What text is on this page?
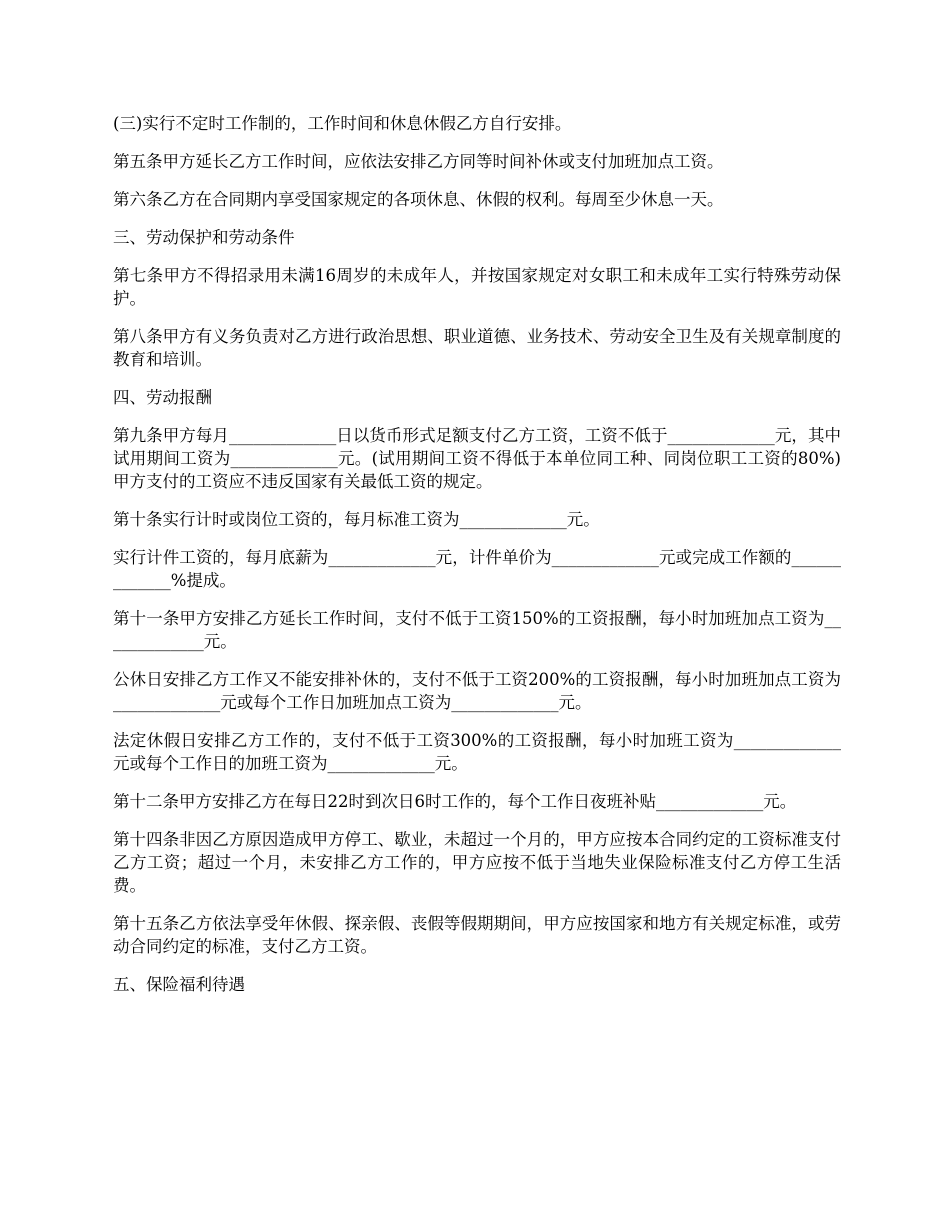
(三)实行不定时工作制的，工作时间和休息休假乙方自行安排。

第五条甲方延长乙方工作时间，应依法安排乙方同等时间补休或支付加班加点工资。

第六条乙方在合同期内享受国家规定的各项休息、休假的权利。每周至少休息一天。

三、劳动保护和劳动条件

第七条甲方不得招录用未满16周岁的未成年人，并按国家规定对女职工和未成年工实行特殊劳动保护。

第八条甲方有义务负责对乙方进行政治思想、职业道德、业务技术、劳动安全卫生及有关规章制度的教育和培训。

四、劳动报酬

第九条甲方每月_____________日以货币形式足额支付乙方工资，工资不低于_____________元，其中试用期间工资为_____________元。(试用期间工资不得低于本单位同工种、同岗位职工工资的80%)甲方支付的工资应不违反国家有关最低工资的规定。

第十条实行计时或岗位工资的，每月标准工资为_____________元。

实行计件工资的，每月底薪为_____________元，计件单价为_____________元或完成工作额的_____________%提成。

第十一条甲方安排乙方延长工作时间，支付不低于工资150%的工资报酬，每小时加班加点工资为_____________元。

公休日安排乙方工作又不能安排补休的，支付不低于工资200%的工资报酬，每小时加班加点工资为_____________元或每个工作日加班加点工资为_____________元。

法定休假日安排乙方工作的，支付不低于工资300%的工资报酬，每小时加班工资为_____________元或每个工作日的加班工资为_____________元。

第十二条甲方安排乙方在每日22时到次日6时工作的，每个工作日夜班补贴_____________元。

第十四条非因乙方原因造成甲方停工、歇业，未超过一个月的，甲方应按本合同约定的工资标准支付乙方工资；超过一个月，未安排乙方工作的，甲方应按不低于当地失业保险标准支付乙方停工生活费。

第十五条乙方依法享受年休假、探亲假、丧假等假期期间，甲方应按国家和地方有关规定标准，或劳动合同约定的标准，支付乙方工资。

五、保险福利待遇
